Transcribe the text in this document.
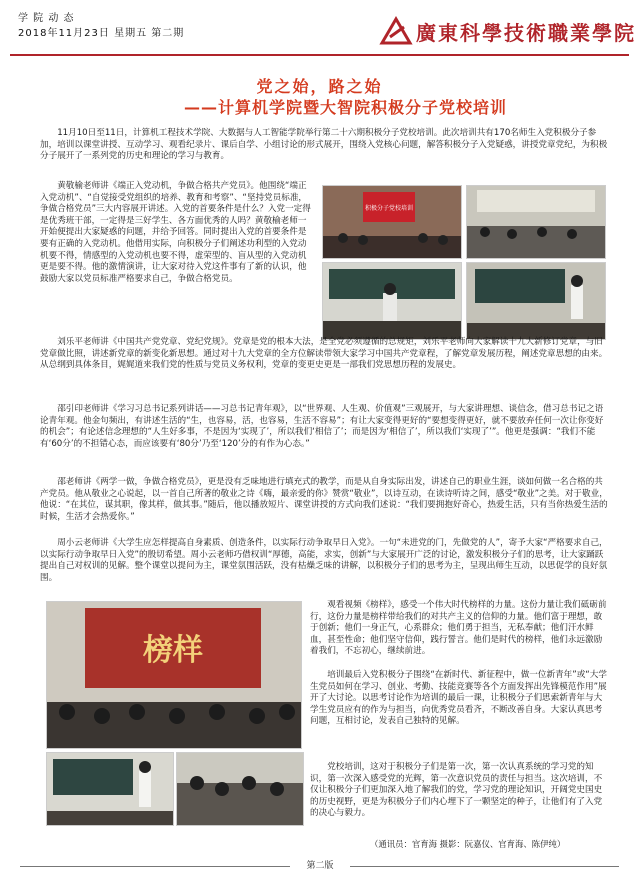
学 院 动 态
2018年11月23日 星期五 第二期	廣東科學技術職業學院
党之始，路之始
——计算机学院暨大智院积极分子党校培训

11月10日至11日，计算机工程技术学院、大数据与人工智能学院举行第二十六期积极分子党校培训。此次培训共有170名师生入党积极分子参加，培训以课堂讲授、互动学习、观看纪录片、课后自学、小组讨论的形式展开，围绕入党核心问题，解答积极分子入党疑惑，讲授党章党纪，为积极分子展开了一系列党的历史和理论的学习与教育。

黄敬榆老师讲《端正入党动机，争做合格共产党员》。他围绕“端正入党动机”、“自觉接受党组织的培养、教育和考察”、“坚持党员标准，争做合格党员”三大内容展开讲述。入党的首要条件是什么？入党一定得是优秀班干部，一定得是三好学生、各方面优秀的人吗？黄敬榆老师一开始便提出大家疑惑的问题，并给予回答。同时提出入党的首要条件是要有正确的入党动机。他借用实际，向积极分子们阐述功利型的入党动机要不得，情感型的入党动机也要不得，虚荣型的、盲从型的入党动机更是要不得。他的激情演讲，让大家对待入党这件事有了新的认识，他鼓励大家以党员标准严格要求自己，争做合格党员。

积极分子党校培训

刘乐平老师讲《中国共产党党章、党纪党规》。党章是党的根本大法，是全党必须遵循的总规矩，刘乐平老师向大家解读十九大新修订党章，与旧党章做比照，讲述新党章的新变化新思想。通过对十九大党章的全方位解读带领大家学习中国共产党章程，了解党章发展历程，阐述党章思想的由来。从总纲到具体条目，娓娓道来我们党的性质与党员义务权利，党章的变更史更是一部我们党思想历程的发展史。

邵引印老师讲《学习习总书记系列讲话——习总书记青年观》，以“世界观、人生观、价值观”三观展开，与大家讲理想、谈信念，借习总书记之语论青年观。他金句频出，有讲述生活的“生，也容易，活，也容易，生活不容易”；有让大家变得更好的“要想变得更好，就不要放弃任何一次让你变好的机会”；有论述信念理想的“人生好多事，不是因为‘实现了’，所以我们‘相信了’；而是因为‘相信了’，所以我们‘实现了’”。他更是强调：“我们不能有‘60分’的不担错心态，而应该要有‘80分’乃至‘120’分的有作为心态。”

邵老师讲《两学一做，争做合格党员》，更是没有乏味地进行填充式的教学，而是从自身实际出发，讲述自己的职业生涯，谈如何做一名合格的共产党员。他从敬业之心说起，以一首自己所著的敬业之诗《嗨，最亲爱的你》赞赏“敬业”，以诗互动，在读诗听诗之间，感受“敬业”之美。对于敬业，他说：“在其位，谋其职，像其样，做其事。”随后，他以播放短片、课堂讲授的方式向我们述说：“我们要拥抱好奇心，热爱生活，只有当你热爱生活的时候，生活才会热爱你。”

周小云老师讲《大学生应怎样提高自身素质、创造条件，以实际行动争取早日入党》。一句“未进党的门，先做党的人”，寄予大家“严格要求自己，以实际行动争取早日入党”的殷切希望。周小云老师巧借权训“厚德，高能，求实，创新”与大家展开广泛的讨论，激发积极分子们的思考，让大家踊跃提出自己对权训的见解。整个课堂以提问为主，课堂氛围活跃，没有枯燥乏味的讲解，以积极分子们的思考为主，呈现出师生互动，以思促学的良好氛围。

榜样

观看视频《榜样》，感受一个伟大时代榜样的力量。这份力量让我们砥砺前行，这份力量是榜样带给我们的对共产主义的信仰的力量。他们富于理想，敢于创新；他们一身正气，心系群众；他们勇于担当，无私奉献；他们汗水鲜血，甚至性命；他们坚守信仰，践行誓言。他们是时代的榜样，他们永远激励着我们，不忘初心，继续前进。

培训最后入党积极分子围绕“在新时代、新征程中，做一位新青年”或“大学生党员如何在学习、创业、考勤、技能竞赛等各个方面发挥出先锋模范作用”展开了大讨论。以思考讨论作为培训的最后一课，让积极分子们思索新青年与大学生党员应有的作为与担当，向优秀党员看齐，不断改善自身。大家认真思考问题，互相讨论，发表自己独特的见解。

党校培训，这对于积极分子们是第一次，第一次认真系统的学习党的知识，第一次深入感受党的光辉，第一次意识党员的责任与担当。这次培训，不仅让积极分子们更加深入地了解我们的党，学习党的理论知识，开阔党史国史的历史视野，更是为积极分子们内心埋下了一颗坚定的种子，让他们有了入党的决心与毅力。

（通讯员：官育海 摄影：阮嘉仪、官育海、陈伊纯）
第二版
